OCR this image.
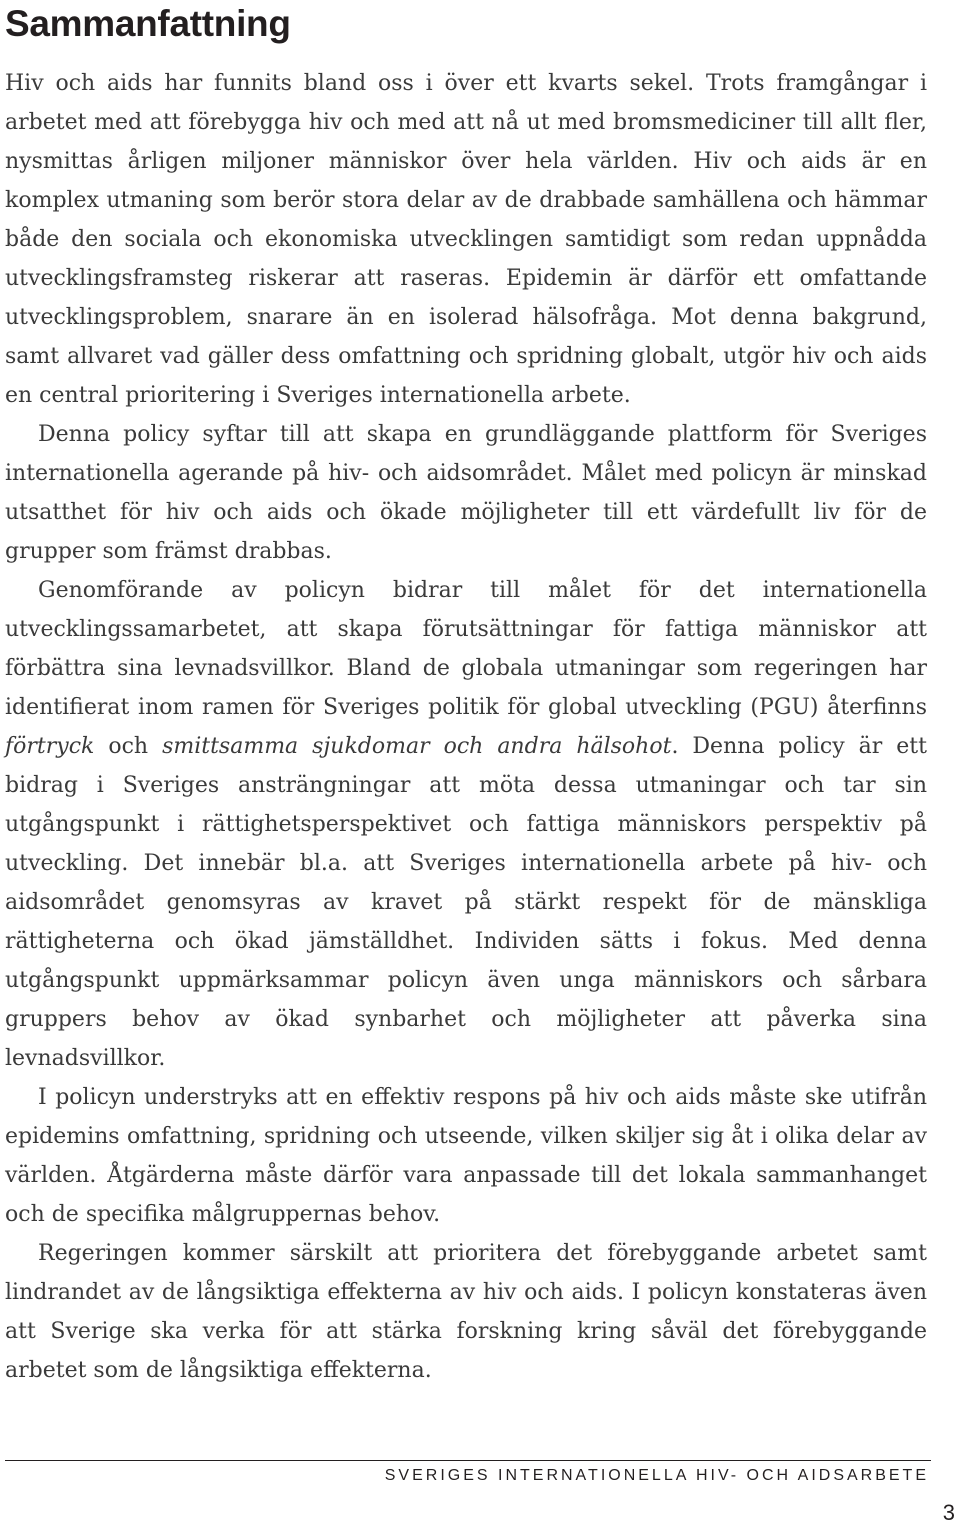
Sammanfattning

Hiv och aids har funnits bland oss i över ett kvarts sekel. Trots framgångar i arbetet med att förebygga hiv och med att nå ut med bromsmediciner till allt fler, nysmittas årligen miljoner människor över hela världen. Hiv och aids är en komplex utmaning som berör stora delar av de drabbade samhällena och hämmar både den sociala och ekonomiska utvecklingen samtidigt som redan uppnådda utvecklingsframsteg riskerar att raseras. Epidemin är därför ett omfattande utvecklingsproblem, snarare än en isolerad hälsofråga. Mot denna bakgrund, samt allvaret vad gäller dess omfattning och spridning globalt, utgör hiv och aids en central prioritering i Sveriges internationella arbete.

Denna policy syftar till att skapa en grundläggande plattform för Sveriges internationella agerande på hiv- och aidsområdet. Målet med policyn är minskad utsatthet för hiv och aids och ökade möjligheter till ett värdefullt liv för de grupper som främst drabbas.

Genomförande av policyn bidrar till målet för det internationella utvecklingssamarbetet, att skapa förutsättningar för fattiga människor att förbättra sina levnadsvillkor. Bland de globala utmaningar som regeringen har identifierat inom ramen för Sveriges politik för global utveckling (PGU) återfinns förtryck och smittsamma sjukdomar och andra hälsohot. Denna policy är ett bidrag i Sveriges ansträngningar att möta dessa utmaningar och tar sin utgångspunkt i rättighetsperspektivet och fattiga människors perspektiv på utveckling. Det innebär bl.a. att Sveriges internationella arbete på hiv- och aidsområdet genomsyras av kravet på stärkt respekt för de mänskliga rättigheterna och ökad jämställdhet. Individen sätts i fokus. Med denna utgångspunkt uppmärksammar policyn även unga människors och sårbara gruppers behov av ökad synbarhet och möjligheter att påverka sina levnadsvillkor.

I policyn understryks att en effektiv respons på hiv och aids måste ske utifrån epidemins omfattning, spridning och utseende, vilken skiljer sig åt i olika delar av världen. Åtgärderna måste därför vara anpassade till det lokala sammanhanget och de specifika målgruppernas behov.

Regeringen kommer särskilt att prioritera det förebyggande arbetet samt lindrandet av de långsiktiga effekterna av hiv och aids. I policyn konstateras även att Sverige ska verka för att stärka forskning kring såväl det förebyggande arbetet som de långsiktiga effekterna.

SVERIGES INTERNATIONELLA HIV- OCH AIDSARBETE

3
